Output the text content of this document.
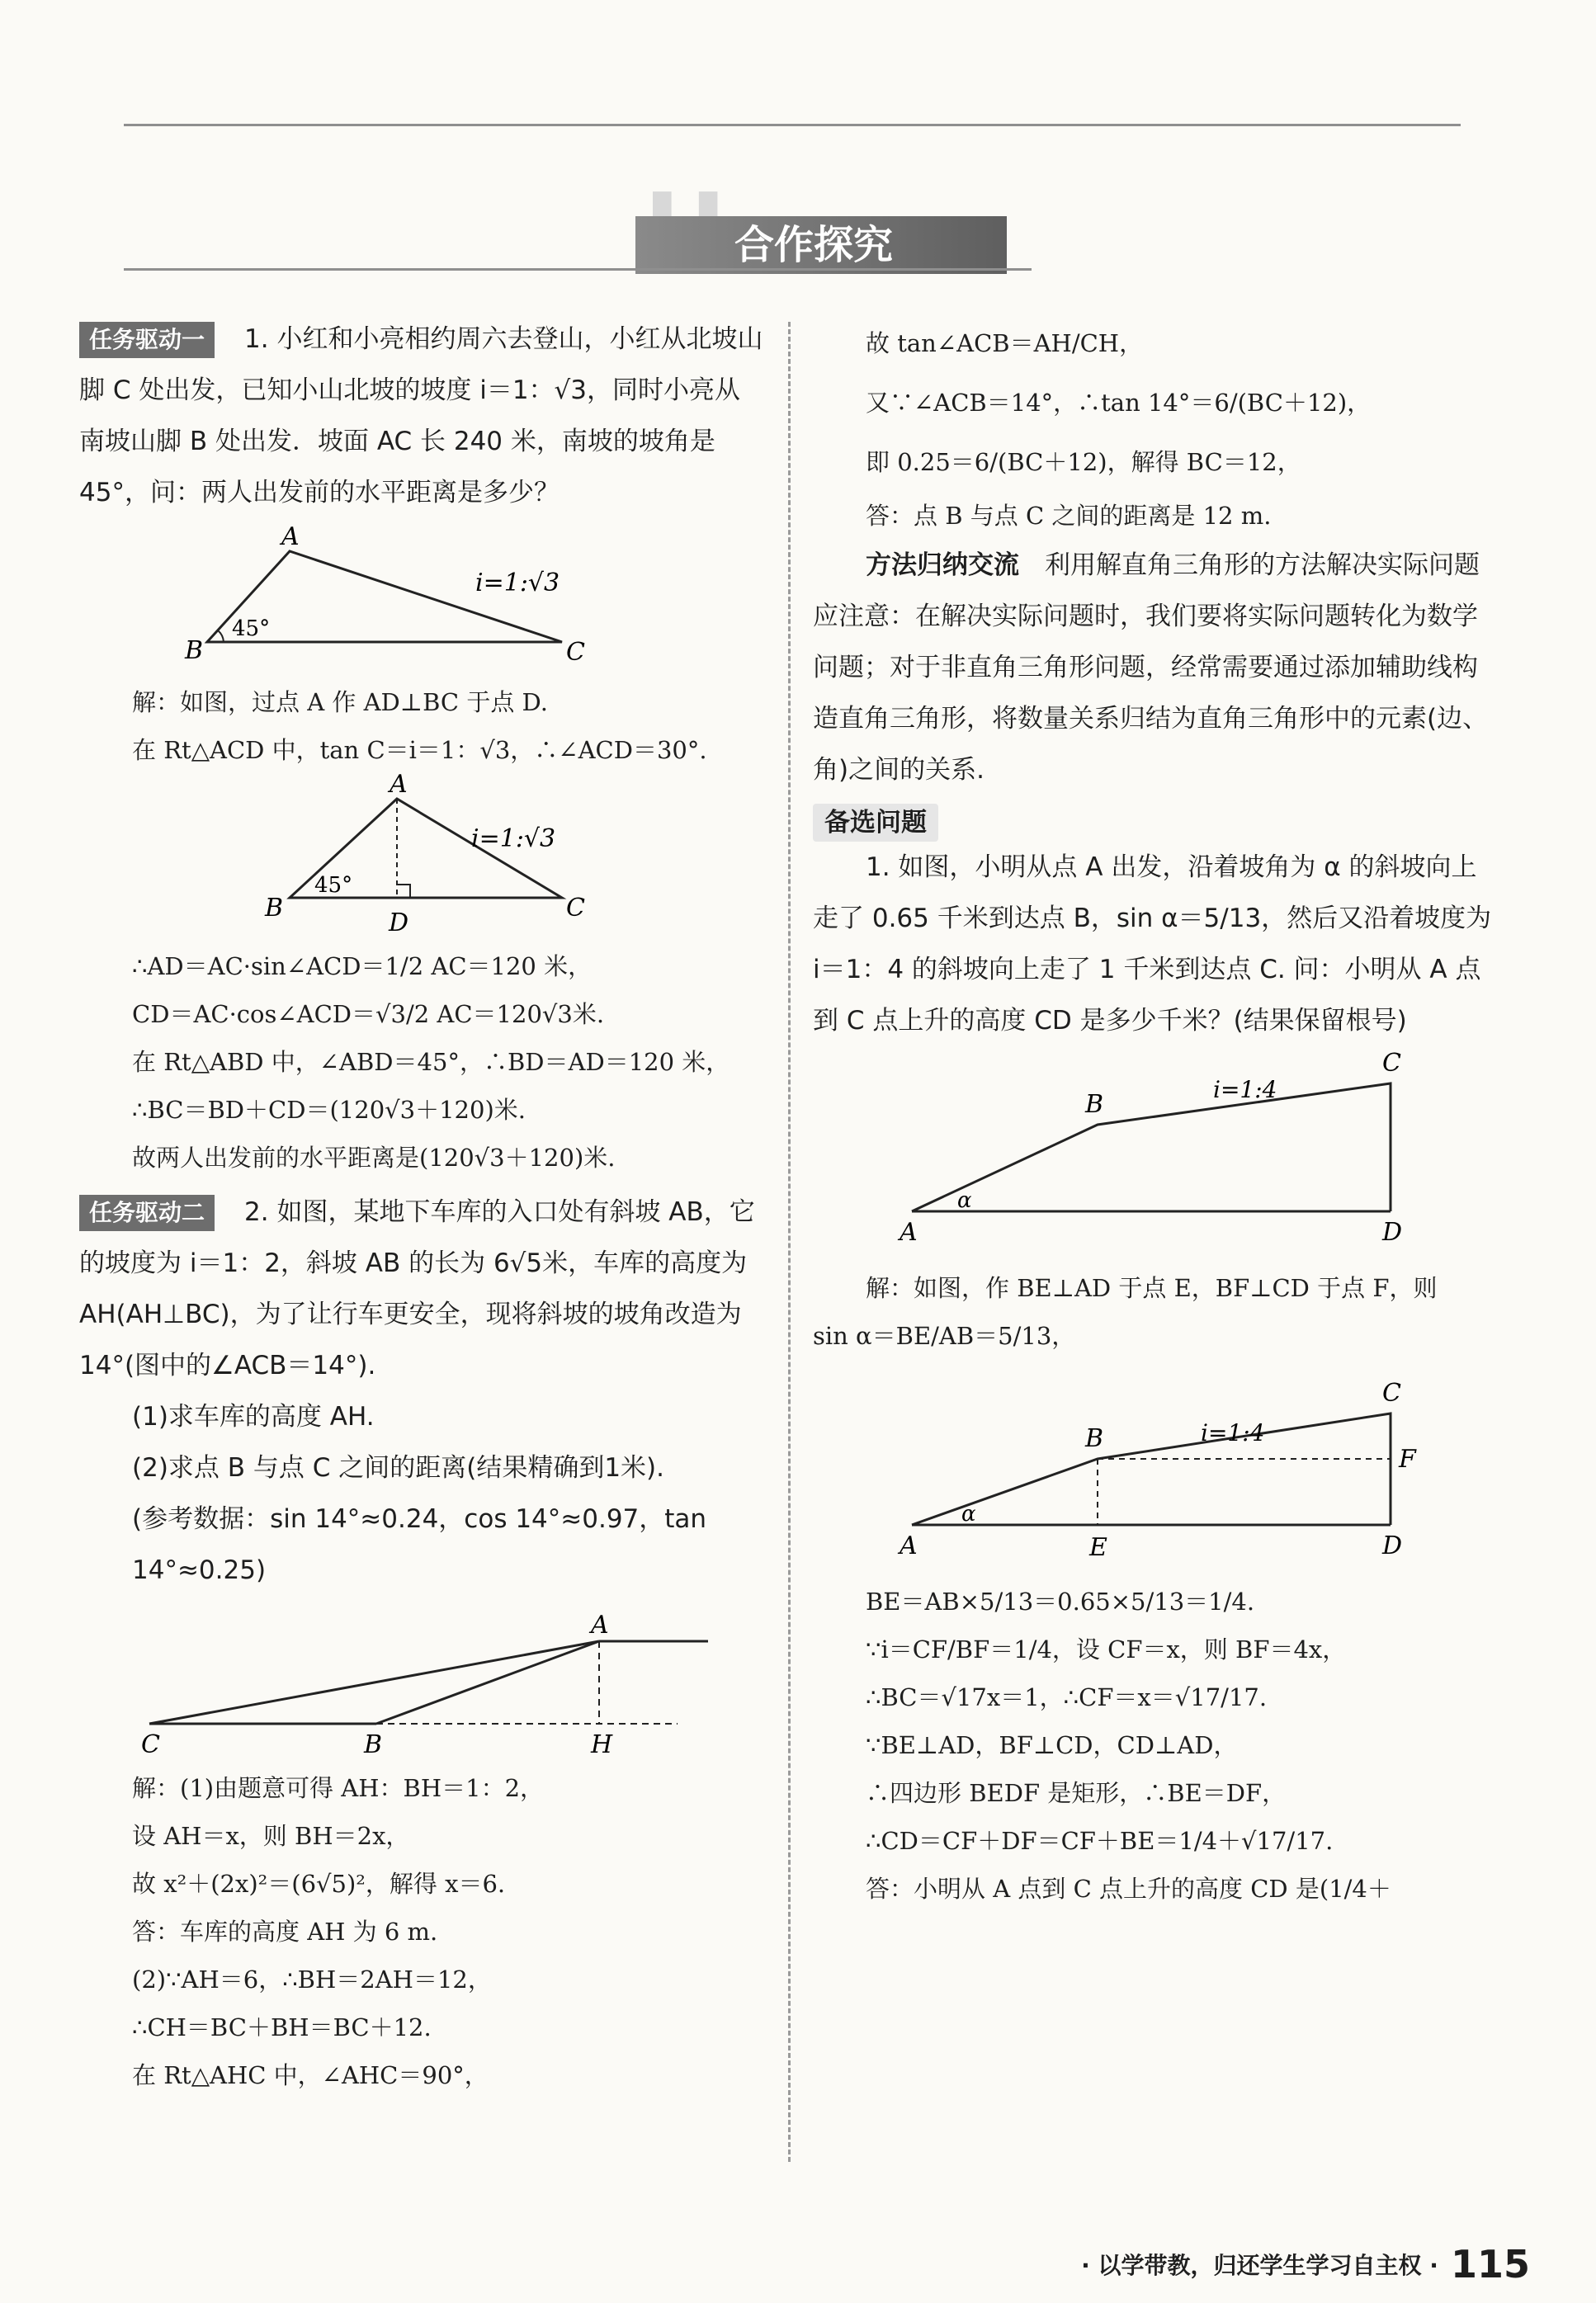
合作探究

任务驱动一 1. 小红和小亮相约周六去登山，小红从北坡山脚 C 处出发，已知小山北坡的坡度 i＝1：√3，同时小亮从南坡山脚 B 处出发．坡面 AC 长 240 米，南坡的坡角是 45°，问：两人出发前的水平距离是多少？

A
B	C
i=1:√3
45°

解：如图，过点 A 作 AD⊥BC 于点 D.

在 Rt△ACD 中，tan C＝i＝1：√3，∴∠ACD＝30°.

A
B	C
D
i=1:√3
45°

∴AD＝AC·sin∠ACD＝1/2 AC＝120 米，

CD＝AC·cos∠ACD＝√3/2 AC＝120√3米.

在 Rt△ABD 中，∠ABD＝45°，∴BD＝AD＝120 米，

∴BC＝BD＋CD＝(120√3＋120)米.

故两人出发前的水平距离是(120√3＋120)米.

任务驱动二 2. 如图，某地下车库的入口处有斜坡 AB，它的坡度为 i＝1：2，斜坡 AB 的长为 6√5米，车库的高度为 AH(AH⊥BC)，为了让行车更安全，现将斜坡的坡角改造为 14°(图中的∠ACB＝14°).

(1)求车库的高度 AH.

(2)求点 B 与点 C 之间的距离(结果精确到1米).

(参考数据：sin 14°≈0.24，cos 14°≈0.97，tan 14°≈0.25)

A
C	B	H

解：(1)由题意可得 AH：BH＝1：2，

设 AH＝x，则 BH＝2x，

故 x²＋(2x)²＝(6√5)²，解得 x＝6.

答：车库的高度 AH 为 6 m.

(2)∵AH＝6，∴BH＝2AH＝12，

∴CH＝BC＋BH＝BC＋12.

在 Rt△AHC 中，∠AHC＝90°，

故 tan∠ACB＝AH/CH，

又∵∠ACB＝14°，∴tan 14°＝6/(BC＋12)，

即 0.25＝6/(BC＋12)，解得 BC＝12，

答：点 B 与点 C 之间的距离是 12 m.

方法归纳交流　 利用解直角三角形的方法解决实际问题应注意：在解决实际问题时，我们要将实际问题转化为数学问题；对于非直角三角形问题，经常需要通过添加辅助线构造直角三角形，将数量关系归结为直角三角形中的元素(边、角)之间的关系.

备选问题

1. 如图，小明从点 A 出发，沿着坡角为 α 的斜坡向上走了 0.65 千米到达点 B，sin α＝5/13，然后又沿着坡度为 i＝1：4 的斜坡向上走了 1 千米到达点 C. 问：小明从 A 点到 C 点上升的高度 CD 是多少千米？(结果保留根号)

A
B
C
D
i=1:4
α

解：如图，作 BE⊥AD 于点 E，BF⊥CD 于点 F，则

sin α＝BE/AB＝5/13，

A
B
C
D
E
F
i=1:4
α

BE＝AB×5/13＝0.65×5/13＝1/4.

∵i＝CF/BF＝1/4，设 CF＝x，则 BF＝4x，

∴BC＝√17x＝1，∴CF＝x＝√17/17.

∵BE⊥AD，BF⊥CD，CD⊥AD，

∴四边形 BEDF 是矩形，∴BE＝DF，

∴CD＝CF＋DF＝CF＋BE＝1/4＋√17/17.

答：小明从 A 点到 C 点上升的高度 CD 是(1/4＋

· 以学带教，归还学生学习自主权 · 115
